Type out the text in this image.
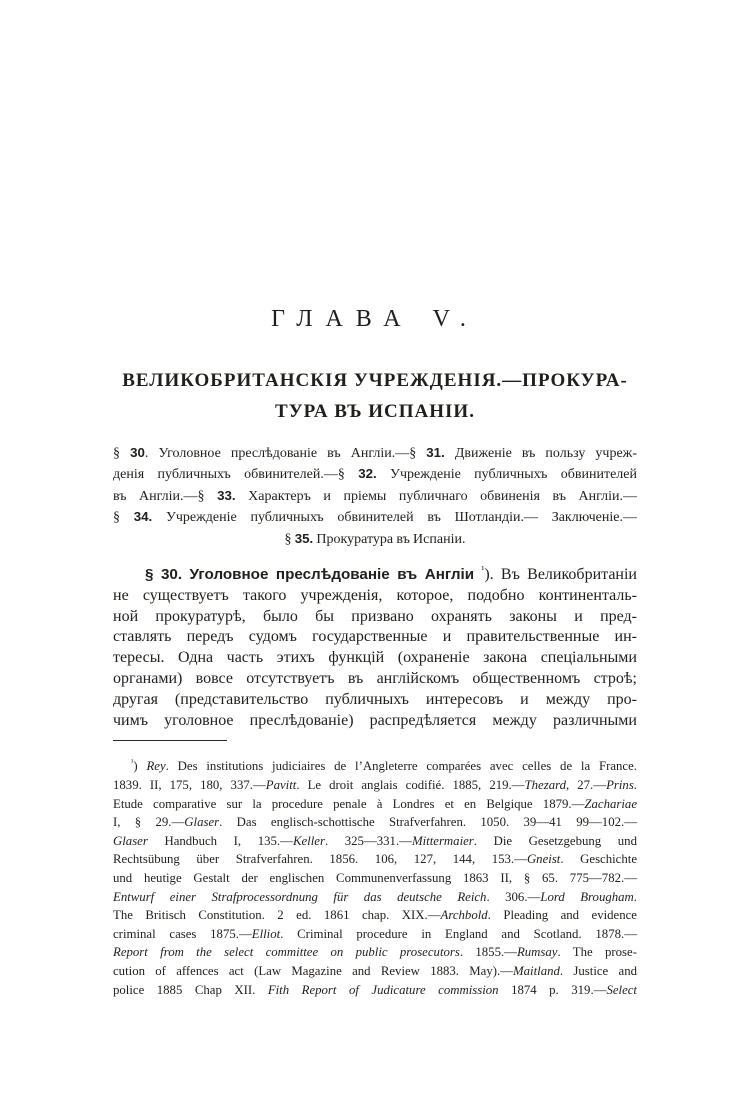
ГЛАВА V.
ВЕЛИКОБРИТАНСКІЯ УЧРЕЖДЕНІЯ.—ПРОКУРА-
ТУРА ВЪ ИСПАНІИ.
§ 30. Уголовное преслѣдованіе въ Англіи.—§ 31. Движеніе въ пользу учреж-
денія публичныхъ обвинителей.—§ 32. Учрежденіе публичныхъ обвинителей
въ Англіи.—§ 33. Характеръ и пріемы публичнаго обвиненія въ Англіи.—
§ 34. Учрежденіе публичныхъ обвинителей въ Шотландіи.— Заключеніе.—
§ 35. Прокуратура въ Испаніи.
§ 30. Уголовное преслѣдованіе въ Англіи $^{^1}$). Въ Великобританіи
не существуетъ такого учрежденія, которое, подобно континенталь-
ной прокуратурѣ, было бы призвано охранять законы и пред-
ставлять передъ судомъ государственные и правительственные ин-
тересы. Одна часть этихъ функцій (охраненіе закона спеціальными
органами) вовсе отсутствуетъ въ англійскомъ общественномъ строѣ;
другая (представительство публичныхъ интересовъ и между про-
чимъ уголовное преслѣдованіе) распредѣляется между различными
$^{^1}$) Rey. Des institutions judiciaires de l’Angleterre comparées avec celles de la France.
1839. II, 175, 180, 337.—Pavitt. Le droit anglais codifié. 1885, 219.—Thezard, 27.—Prins.
Etude comparative sur la procedure penale à Londres et en Belgique 1879.—Zachariae
I, § 29.—Glaser. Das englisch-schottische Strafverfahren. 1050. 39—41 99—102.—
Glaser Handbuch I, 135.—Keller. 325—331.—Mittermaier. Die Gesetzgebung und
Rechtsübung über Strafverfahren. 1856. 106, 127, 144, 153.—Gneist. Geschichte
und heutige Gestalt der englischen Communenverfassung 1863 II, § 65. 775—782.—
Entwurf einer Strafprocessordnung für das deutsche Reich. 306.—Lord Brougham.
The Britisch Constitution. 2 ed. 1861 chap. XIX.—Archbold. Pleading and evidence
criminal cases 1875.—Elliot. Criminal procedure in England and Scotland. 1878.—
Report from the select committee on public prosecutors. 1855.—Rumsay. The prose-
cution of affences act (Law Magazine and Review 1883. May).—Maitland. Justice and
police 1885 Chap XII. Fith Report of Judicature commission 1874 p. 319.—Select
